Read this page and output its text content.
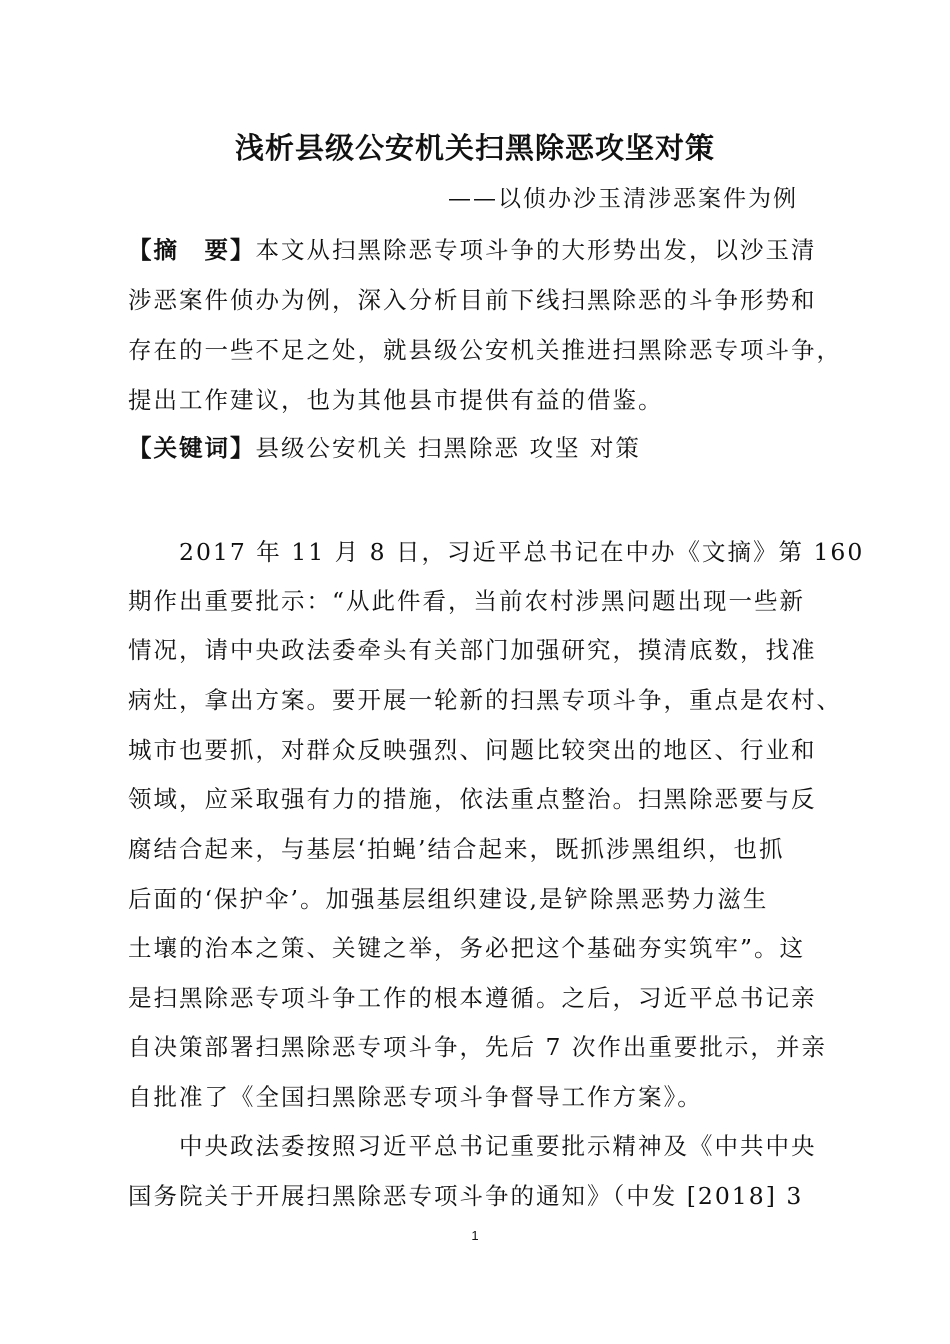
浅析县级公安机关扫黑除恶攻坚对策
——以侦办沙玉清涉恶案件为例
【摘　要】本文从扫黑除恶专项斗争的大形势出发，以沙玉清
涉恶案件侦办为例，深入分析目前下线扫黑除恶的斗争形势和
存在的一些不足之处，就县级公安机关推进扫黑除恶专项斗争，
提出工作建议，也为其他县市提供有益的借鉴。
【关键词】县级公安机关 扫黑除恶 攻坚 对策
　　2017 年 11 月 8 日，习近平总书记在中办《文摘》第 160
期作出重要批示：“从此件看，当前农村涉黑问题出现一些新
情况，请中央政法委牵头有关部门加强研究，摸清底数，找准
病灶，拿出方案。要开展一轮新的扫黑专项斗争，重点是农村、
城市也要抓，对群众反映强烈、问题比较突出的地区、行业和
领域，应采取强有力的措施，依法重点整治。扫黑除恶要与反
腐结合起来，与基层‘拍蝇’结合起来，既抓涉黑组织，也抓
后面的‘保护伞’。加强基层组织建设,是铲除黑恶势力滋生
土壤的治本之策、关键之举，务必把这个基础夯实筑牢”。这
是扫黑除恶专项斗争工作的根本遵循。之后，习近平总书记亲
自决策部署扫黑除恶专项斗争，先后 7 次作出重要批示，并亲
自批准了《全国扫黑除恶专项斗争督导工作方案》。
　　中央政法委按照习近平总书记重要批示精神及《中共中央
国务院关于开展扫黑除恶专项斗争的通知》（中发 [2018] 3
1
